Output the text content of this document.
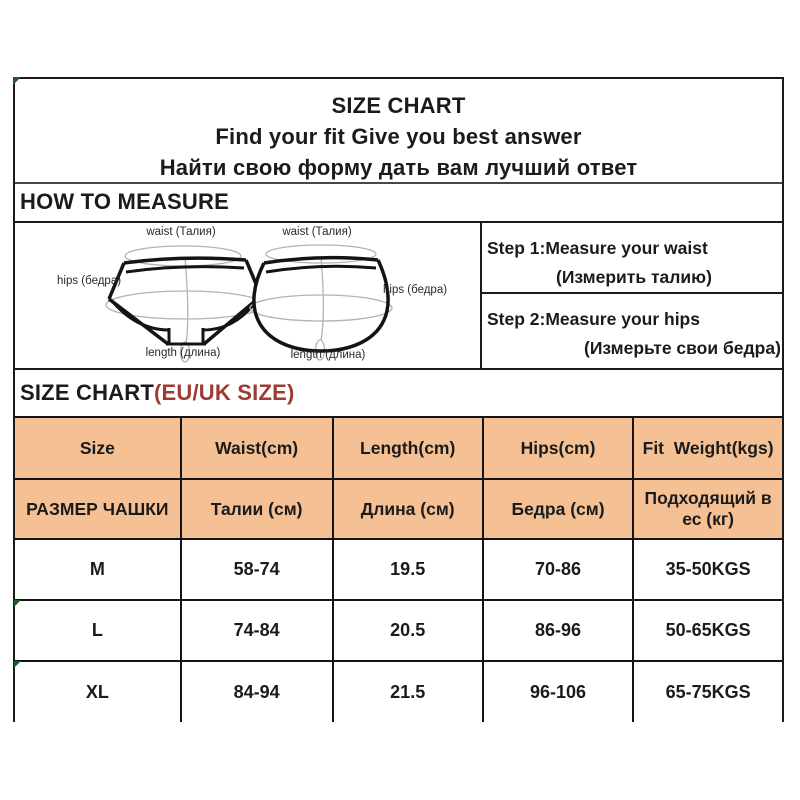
SIZE CHART
Find your fit Give you best answer
Найти свою форму дать вам лучший ответ
HOW TO MEASURE
waist (Талия)	waist (Талия)
hips (бедра)
hips (бедра)
length (длина)	length (длина)
Step 1:Measure your waist
(Измерить талию)
Step 2:Measure your hips
(Измерьте свои бедра)
SIZE CHART(EU/UK SIZE)
Size	Waist(cm)	Length(cm)	Hips(cm)	Fit  Weight(kgs)
РАЗМЕР ЧАШКИ	Талии (см)	Длина (см)	Бедра (см)	Подходящий в ес (кг)
M	58-74	19.5	70-86	35-50KGS
L	74-84	20.5	86-96	50-65KGS
XL	84-94	21.5	96-106	65-75KGS
